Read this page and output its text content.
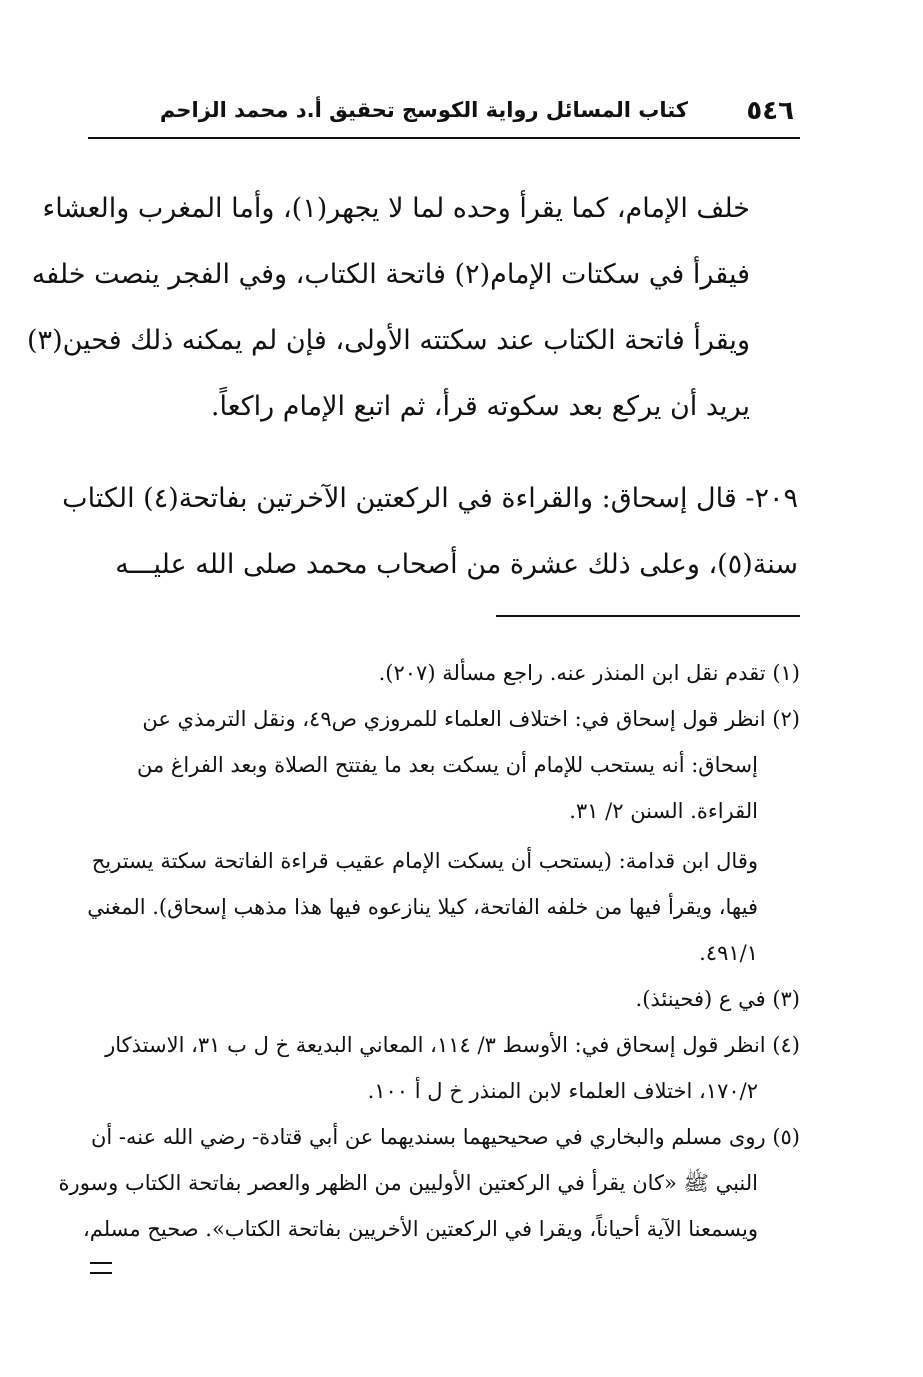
٥٤٦
كتاب المسائل رواية الكوسج تحقيق أ.د محمد الزاحم
خلف الإمام، كما يقرأ وحده لما لا يجهر(١)، وأما المغرب والعشاء
فيقرأ في سكتات الإمام(٢) فاتحة الكتاب، وفي الفجر ينصت خلفه
ويقرأ فاتحة الكتاب عند سكتته الأولى، فإن لم يمكنه ذلك فحين(٣)
يريد أن يركع بعد سكوته قرأ، ثم اتبع الإمام راكعاً.
٢٠٩- قال إسحاق: والقراءة في الركعتين الآخرتين بفاتحة(٤) الكتاب
سنة(٥)، وعلى ذلك عشرة من أصحاب محمد صلى الله عليـــه
(١) تقدم نقل ابن المنذر عنه. راجع مسألة (٢٠٧).
(٢) انظر قول إسحاق في: اختلاف العلماء للمروزي ص٤٩، ونقل الترمذي عن
إسحاق: أنه يستحب للإمام أن يسكت بعد ما يفتتح الصلاة وبعد الفراغ من
القراءة. السنن ٢/ ٣١.
وقال ابن قدامة: (يستحب أن يسكت الإمام عقيب قراءة الفاتحة سكتة يستريح
فيها، ويقرأ فيها من خلفه الفاتحة، كيلا ينازعوه فيها هذا مذهب إسحاق). المغني
٤٩١/١.
(٣) في ع (فحينئذ).
(٤) انظر قول إسحاق في: الأوسط ٣/ ١١٤، المعاني البديعة خ ل ب ٣١، الاستذكار
١٧٠/٢، اختلاف العلماء لابن المنذر خ ل أ ١٠٠.
(٥) روى مسلم والبخاري في صحيحيهما بسنديهما عن أبي قتادة- رضي الله عنه- أن
النبي ﷺ «كان يقرأ في الركعتين الأوليين من الظهر والعصر بفاتحة الكتاب وسورة
ويسمعنا الآية أحياناً، ويقرا في الركعتين الأخريين بفاتحة الكتاب». صحيح مسلم،
